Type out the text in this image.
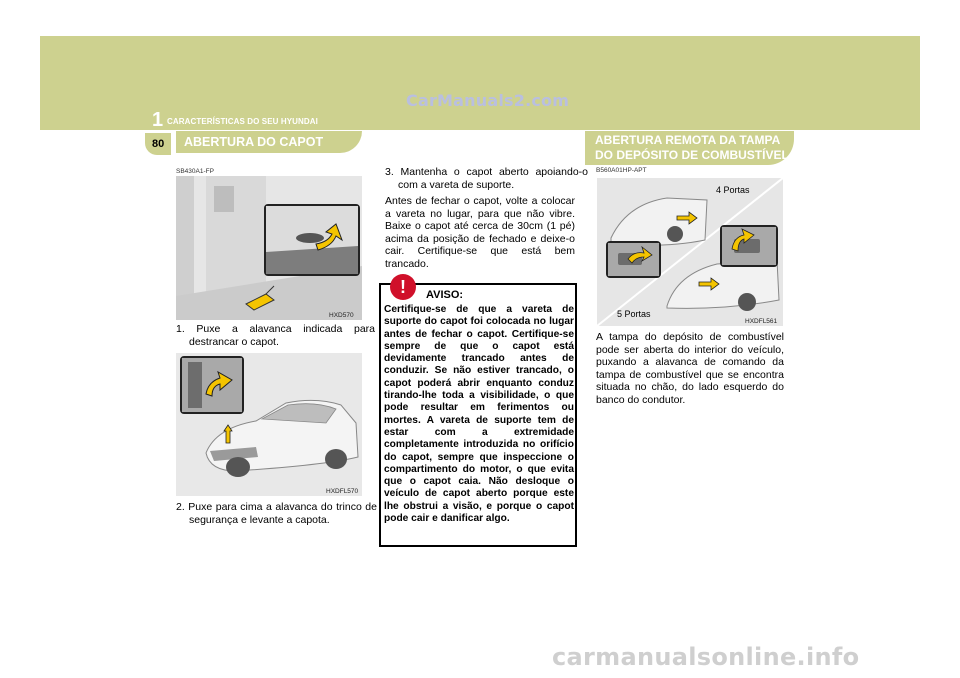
CarManuals2.com
1 CARACTERÍSTICAS DO SEU HYUNDAI
80 ABERTURA DO CAPOT	ABERTURA REMOTA DA TAMPA DO DEPÓSITO DE COMBUSTÍVEL
SB430A1-FP
HXD570
1. Puxe a alavanca indicada para destrancar o capot.
HXDFL570
2. Puxe para cima a alavanca do trinco de segurança e levante a capota.
3. Mantenha o capot aberto apoiando-o com a vareta de suporte.
Antes de fechar o capot, volte a colocar a vareta no lugar, para que não vibre. Baixe o capot até cerca de 30cm (1 pé) acima da posição de fechado e deixe-o cair. Certifique-se que está bem trancado.
!	AVISO:
Certifique-se de que a vareta de suporte do capot foi colocada no lugar antes de fechar o capot. Certifique-se sempre de que o capot está devidamente trancado antes de conduzir. Se não estiver trancado, o capot poderá abrir enquanto conduz tirando-lhe toda a visibilidade, o que pode resultar em ferimentos ou mortes. A vareta de suporte tem de estar com a extremidade completamente introduzida no orifício do capot, sempre que inspeccione o compartimento do motor, o que evita que o capot caia. Não desloque o veículo de capot aberto porque este lhe obstrui a visão, e porque o capot pode cair e danificar algo.
B560A01HP-APT
4 Portas
5 Portas
HXDFL561
A tampa do depósito de combustível pode ser aberta do interior do veículo, puxando a alavanca de comando da tampa de combustível que se encontra situada no chão, do lado esquerdo do banco do condutor.
carmanualsonline.info
